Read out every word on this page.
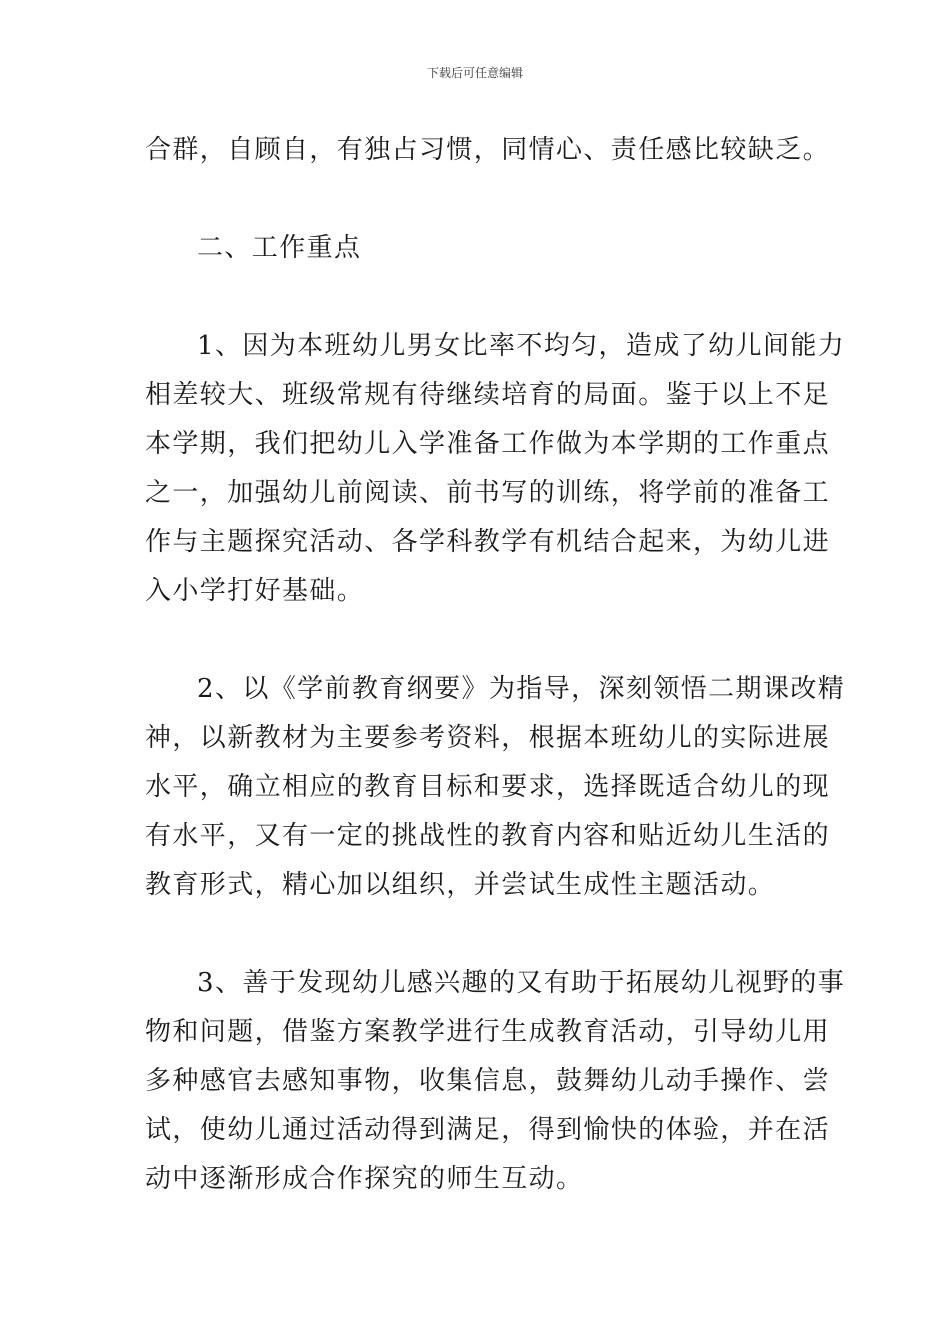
下载后可任意编辑
合群，自顾自，有独占习惯，同情心、责任感比较缺乏。
二、工作重点
1、因为本班幼儿男女比率不均匀，造成了幼儿间能力
相差较大、班级常规有待继续培育的局面。鉴于以上不足
本学期，我们把幼儿入学准备工作做为本学期的工作重点
之一，加强幼儿前阅读、前书写的训练，将学前的准备工
作与主题探究活动、各学科教学有机结合起来，为幼儿进
入小学打好基础。
2、以《学前教育纲要》为指导，深刻领悟二期课改精
神，以新教材为主要参考资料，根据本班幼儿的实际进展
水平，确立相应的教育目标和要求，选择既适合幼儿的现
有水平，又有一定的挑战性的教育内容和贴近幼儿生活的
教育形式，精心加以组织，并尝试生成性主题活动。
3、善于发现幼儿感兴趣的又有助于拓展幼儿视野的事
物和问题，借鉴方案教学进行生成教育活动，引导幼儿用
多种感官去感知事物，收集信息，鼓舞幼儿动手操作、尝
试，使幼儿通过活动得到满足，得到愉快的体验，并在活
动中逐渐形成合作探究的师生互动。
